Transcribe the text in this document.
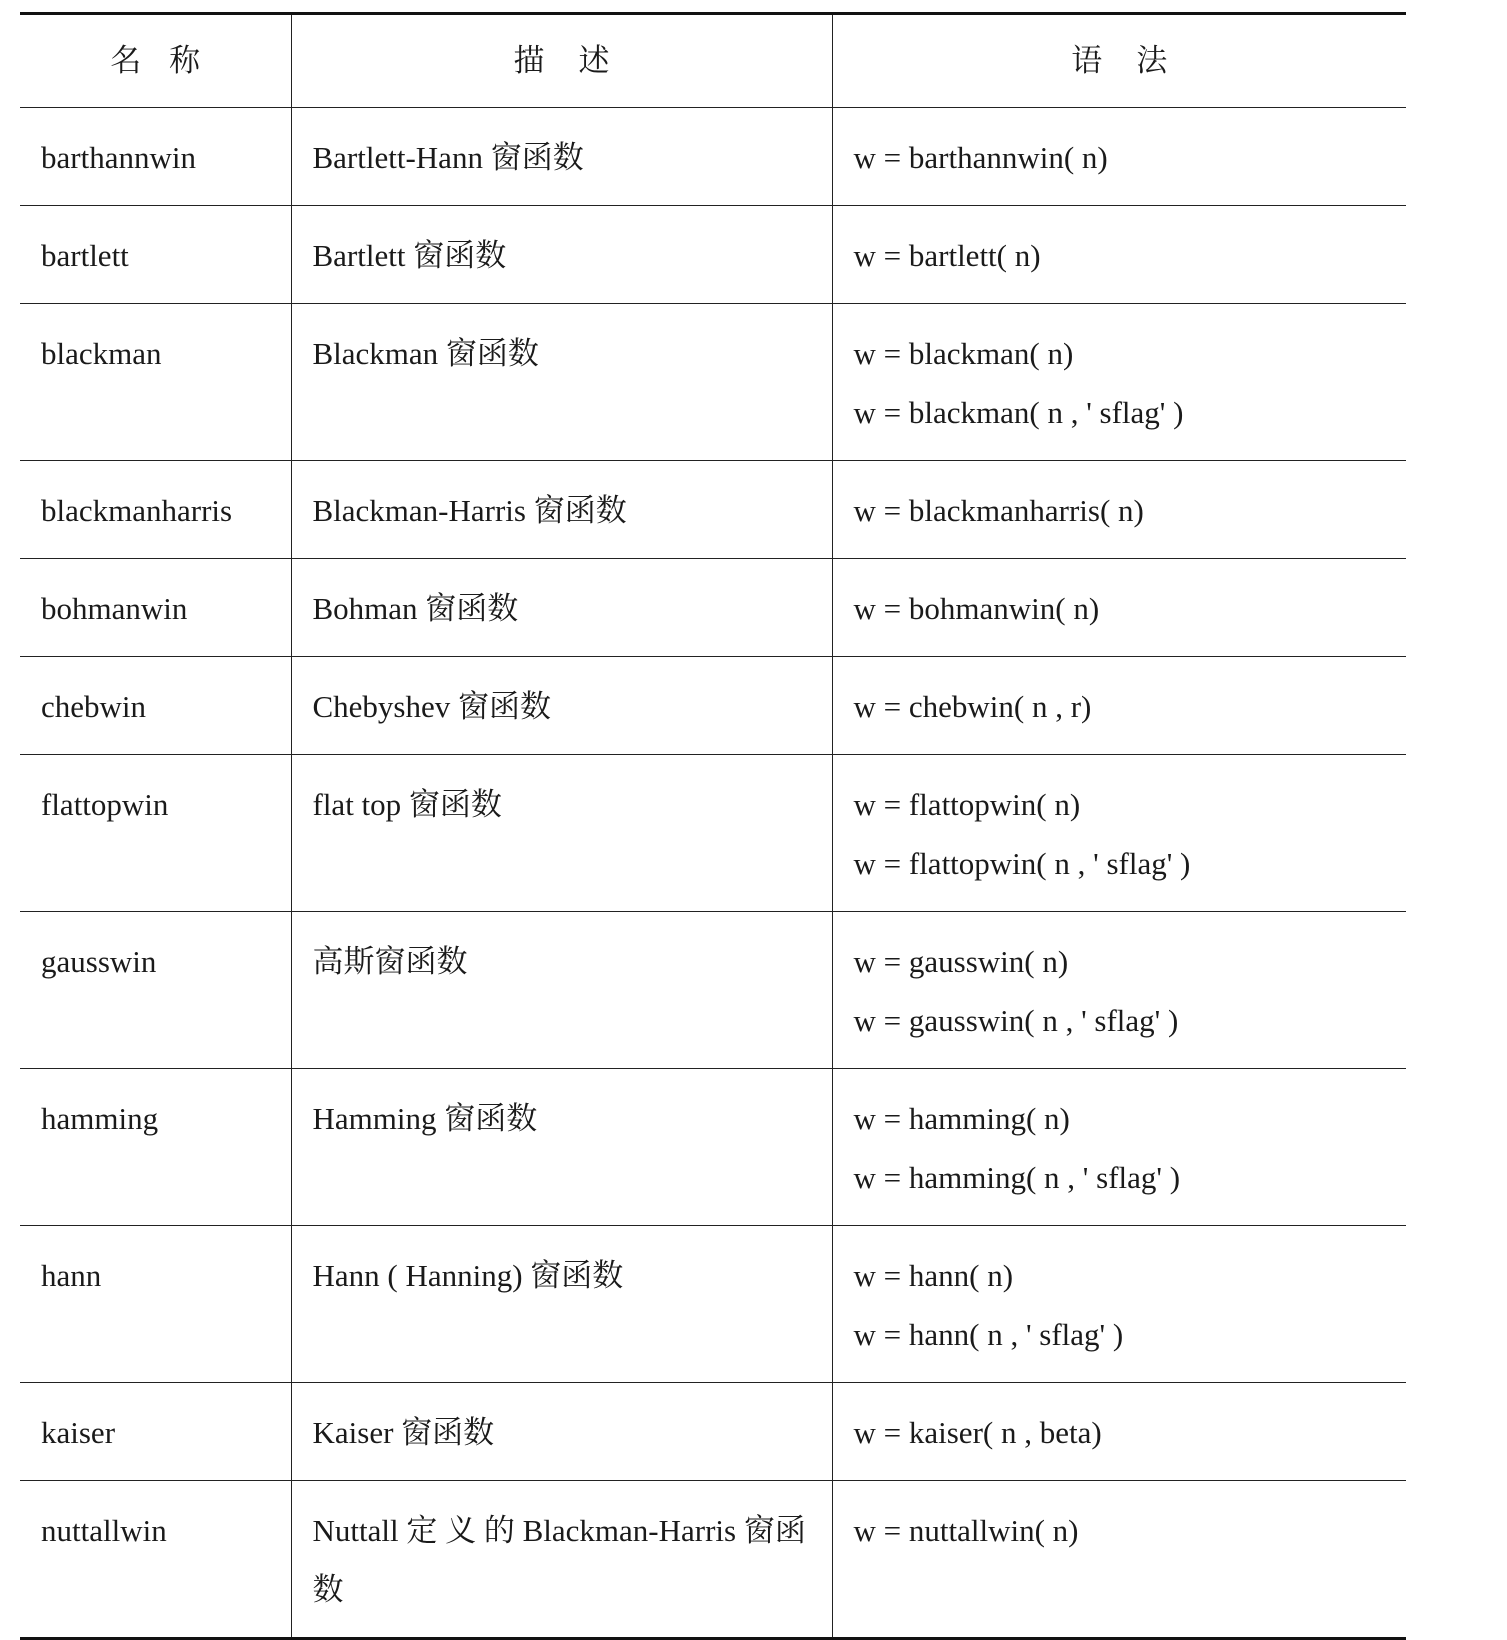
名称	描述	语法
barthannwin	Bartlett-Hann 窗函数	w = barthannwin( n)

bartlett	Bartlett 窗函数	w = bartlett( n)

blackman	Blackman 窗函数	w = blackman( n)
w = blackman( n , ' sflag' )

blackmanharris	Blackman-Harris 窗函数	w = blackmanharris( n)

bohmanwin	Bohman 窗函数	w = bohmanwin( n)

chebwin	Chebyshev 窗函数	w = chebwin( n , r)

flattopwin	flat top 窗函数	w = flattopwin( n)
w = flattopwin( n , ' sflag' )

gausswin	高斯窗函数	w = gausswin( n)
w = gausswin( n , ' sflag' )

hamming	Hamming 窗函数	w = hamming( n)
w = hamming( n , ' sflag' )

hann	Hann ( Hanning) 窗函数	w = hann( n)
w = hann( n , ' sflag' )

kaiser	Kaiser 窗函数	w = kaiser( n , beta)

nuttallwin	Nuttall 定 义 的 Blackman-Harris 窗函数	w = nuttallwin( n)
